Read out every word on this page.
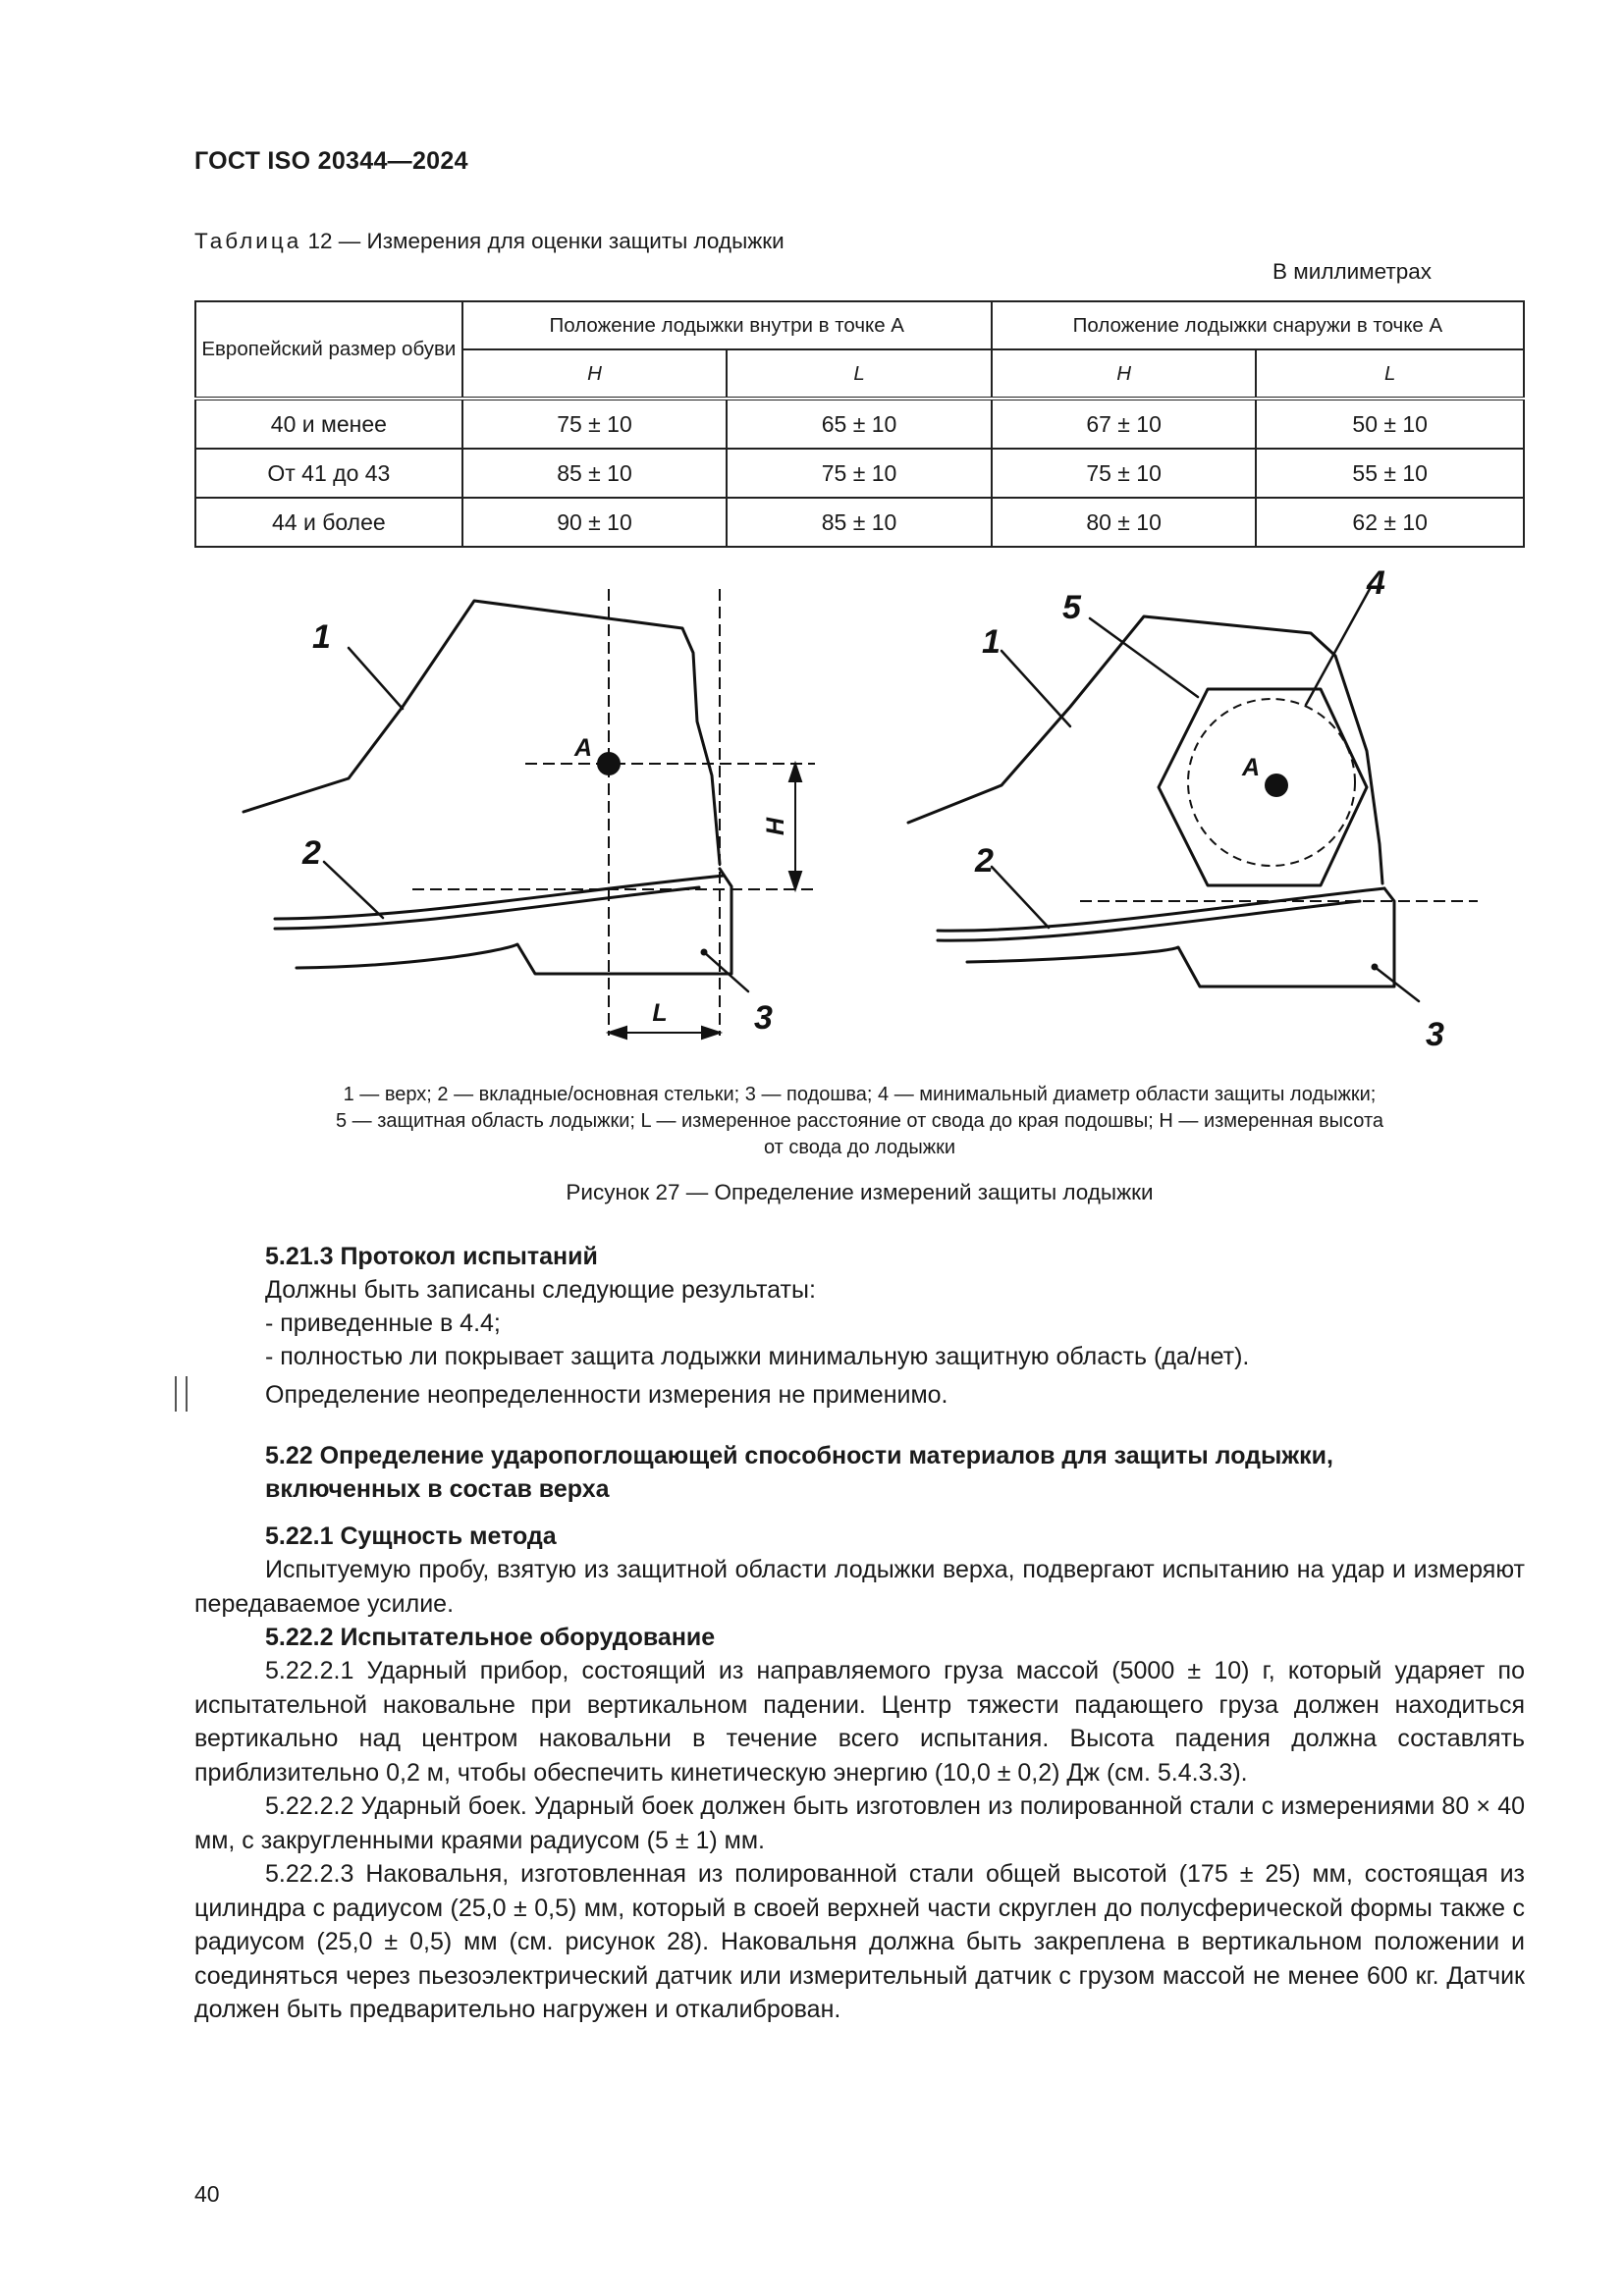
ГОСТ ISO 20344—2024
Таблица 12 — Измерения для оценки защиты лодыжки
В миллиметрах
Европейский размер обуви	Положение лодыжки внутри в точке A		Положение лодыжки снаружи в точке A	
	H	L	H	L
40 и менее	75 ± 10	65 ± 10	67 ± 10	50 ± 10
От 41 до 43	85 ± 10	75 ± 10	75 ± 10	55 ± 10
44 и более	90 ± 10	85 ± 10	80 ± 10	62 ± 10
1
2
3
A
H
L
1
2
3
4
5
A
1 — верх; 2 — вкладные/основная стельки; 3 — подошва; 4 — минимальный диаметр области защиты лодыжки;
5 — защитная область лодыжки; L — измеренное расстояние от свода до края подошвы; H — измеренная высота
от свода до лодыжки
Рисунок 27 — Определение измерений защиты лодыжки
5.21.3 Протокол испытаний
Должны быть записаны следующие результаты:
- приведенные в 4.4;
- полностью ли покрывает защита лодыжки минимальную защитную область (да/нет).
Определение неопределенности измерения не применимо.
5.22 Определение ударопоглощающей способности материалов для защиты лодыжки,
включенных в состав верха
5.22.1 Сущность метода

Испытуемую пробу, взятую из защитной области лодыжки верха, подвергают испытанию на удар и измеряют передаваемое усилие.

5.22.2 Испытательное оборудование

5.22.2.1 Ударный прибор, состоящий из направляемого груза массой (5000 ± 10) г, который ударяет по испытательной наковальне при вертикальном падении. Центр тяжести падающего груза должен находиться вертикально над центром наковальни в течение всего испытания. Высота падения должна составлять приблизительно 0,2 м, чтобы обеспечить кинетическую энергию (10,0 ± 0,2) Дж (см. 5.4.3.3).

5.22.2.2 Ударный боек. Ударный боек должен быть изготовлен из полированной стали с измерениями 80 × 40 мм, с закругленными краями радиусом (5 ± 1) мм.

5.22.2.3 Наковальня, изготовленная из полированной стали общей высотой (175 ± 25) мм, состоящая из цилиндра с радиусом (25,0 ± 0,5) мм, который в своей верхней части скруглен до полусферической формы также с радиусом (25,0 ± 0,5) мм (см. рисунок 28). Наковальня должна быть закреплена в вертикальном положении и соединяться через пьезоэлектрический датчик или измерительный датчик с грузом массой не менее 600 кг. Датчик должен быть предварительно нагружен и откалиброван.

40
